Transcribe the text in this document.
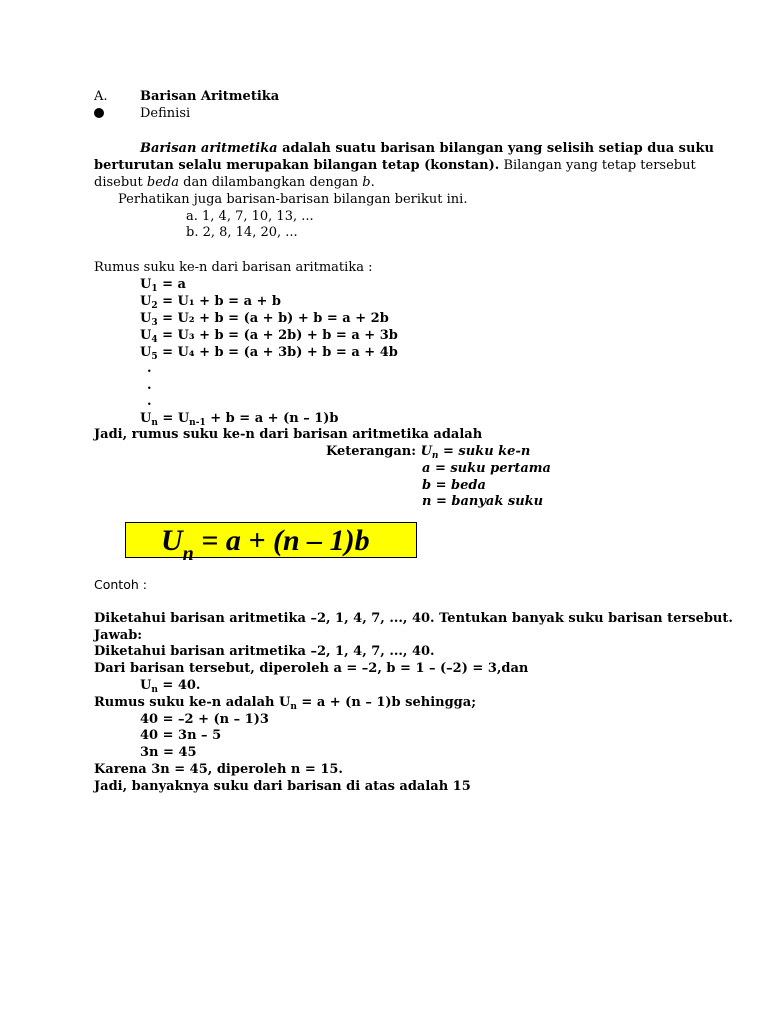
A. Barisan Aritmetika
Definisi
Barisan aritmetika adalah suatu barisan bilangan yang selisih setiap dua suku
berturutan selalu merupakan bilangan tetap (konstan). Bilangan yang tetap tersebut
disebut beda dan dilambangkan dengan b.
Perhatikan juga barisan-barisan bilangan berikut ini.
a. 1, 4, 7, 10, 13, ...
b. 2, 8, 14, 20, ...
Rumus suku ke-n dari barisan aritmatika :
$U_1 = a$
$U_2 = U_1 + b = a + b$
$U_3 = U_2 + b = (a + b) + b = a + 2b$
$U_4 = U_3 + b = (a + 2b) + b = a + 3b$
$U_5 = U_4 + b = (a + 3b) + b = a + 4b$
.
.
.
$U_n = U_{n-1} + b = a + (n - 1)b$
Jadi, rumus suku ke-n dari barisan aritmetika adalah
Keterangan: $U_n$ = suku ke-n
a = suku pertama
b = beda
n = banyak suku
$U_n = a + (n - 1)b$
Contoh :
Diketahui barisan aritmetika –2, 1, 4, 7, ..., 40. Tentukan banyak suku barisan tersebut.
Jawab:
Diketahui barisan aritmetika –2, 1, 4, 7, ..., 40.
Dari barisan tersebut, diperoleh a = –2, b = 1 – (–2) = 3,dan
$U_n = 40$.
Rumus suku ke-n adalah $U_n = a + (n - 1)b$ sehingga;
40 = –2 + (n – 1)3
40 = 3n – 5
3n = 45
Karena 3n = 45, diperoleh n = 15.
Jadi, banyaknya suku dari barisan di atas adalah 15
